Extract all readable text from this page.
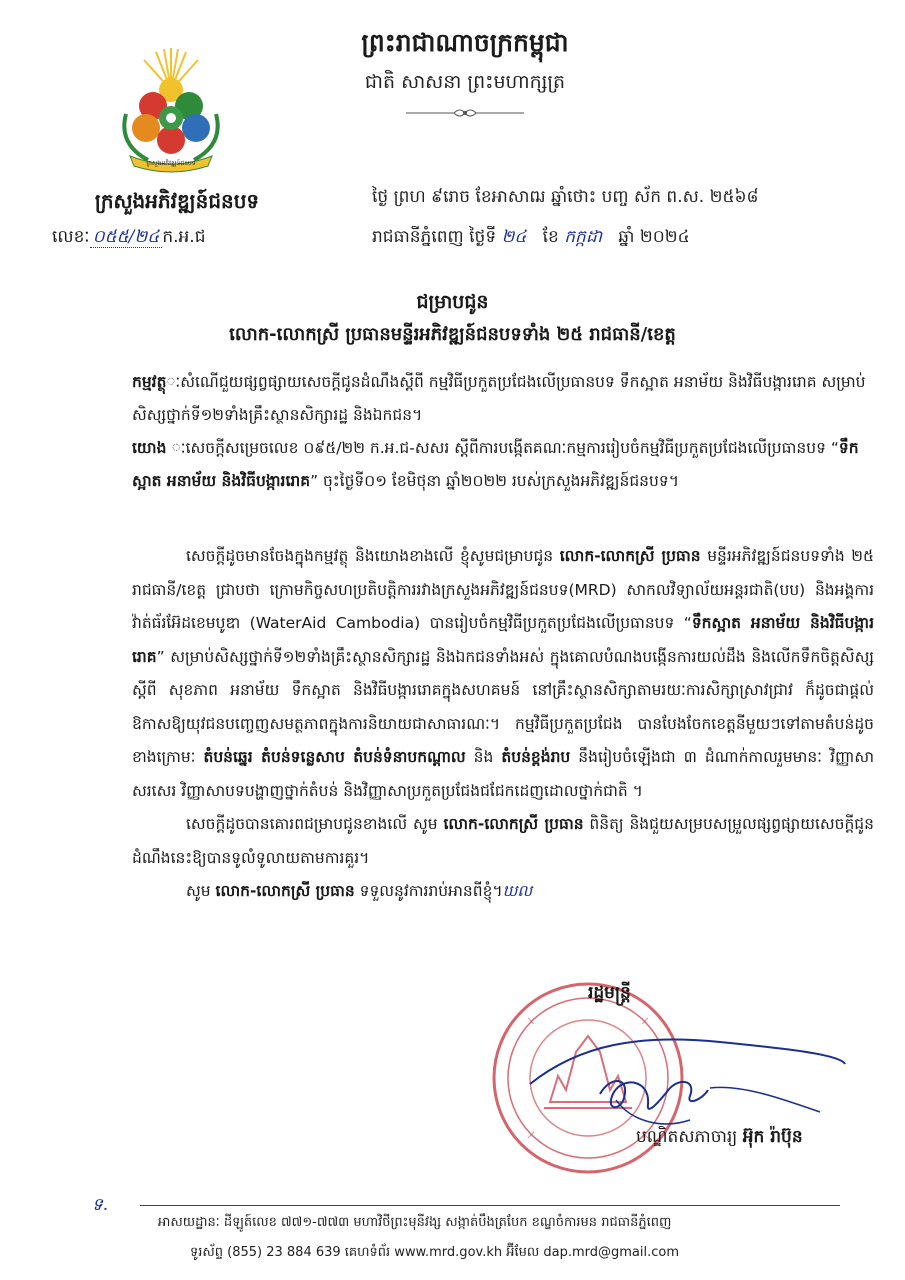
ព្រះរាជាណាចក្រកម្ពុជា
ជាតិ សាសនា ព្រះមហាក្សត្រ
ក្រសួងអភិវឌ្ឍន៍ជនបទ
ក្រសួងអភិវឌ្ឍន៍ជនបទ
លេខៈ ០៥៥/២៤ ក.អ.ជ
ថ្ងៃ ព្រហ ៩រោច ខែអាសាឍ ឆ្នាំថោះ បញ្ច ស័ក ព.ស. ២៥៦៨
រាជធានីភ្នំពេញ ថ្ងៃទី ២៤ ខែ កក្កដា ឆ្នាំ ២០២៤
ជម្រាបជូន
លោក-លោកស្រី ប្រធានមន្ទីរអភិវឌ្ឍន៍ជនបទទាំង ២៥ រាជធានី/ខេត្ត
កម្មវត្ថុៈសំណើជួយផ្សព្វផ្សាយសេចក្ដីជូនដំណឹងស្ដីពី កម្មវិធីប្រកួតប្រជែងលើប្រធានបទ ទឹកស្អាត អនាម័យ និងវិធីបង្ការរោគ សម្រាប់សិស្សថ្នាក់ទី១២ទាំងគ្រឹះស្ថានសិក្សារដ្ឋ និងឯកជន។
យោង ៈសេចក្ដីសម្រេចលេខ ០៩៥/២២ ក.អ.ជ-សសរ ស្ដីពីការបង្កើតគណៈកម្មការរៀបចំកម្មវិធីប្រកួតប្រជែងលើប្រធានបទ “ទឹកស្អាត អនាម័យ និងវិធីបង្ការរោគ” ចុះថ្ងៃទី០១ ខែមិថុនា ឆ្នាំ២០២២ របស់ក្រសួងអភិវឌ្ឍន៍ជនបទ។

សេចក្ដីដូចមានចែងក្នុងកម្មវត្ថុ និងយោងខាងលើ ខ្ញុំសូមជម្រាបជូន លោក-លោកស្រី ប្រធាន មន្ទីរអភិវឌ្ឍន៍ជនបទទាំង ២៥ រាជធានី/ខេត្ត ជ្រាបថា ក្រោមកិច្ចសហប្រតិបត្តិការរវាងក្រសួងអភិវឌ្ឍន៍ជនបទ(MRD) សាកលវិទ្យាល័យអន្តរជាតិ(បប) និងអង្គការវ៉ាត់ធ័រអ៊ែដខេមបូឌា (WaterAid Cambodia) បានរៀបចំកម្មវិធីប្រកួតប្រជែងលើប្រធានបទ “ទឹកស្អាត អនាម័យ និងវិធីបង្ការរោគ” សម្រាប់សិស្សថ្នាក់ទី១២ទាំងគ្រឹះស្ថានសិក្សារដ្ឋ និងឯកជនទាំងអស់ ក្នុងគោលបំណងបង្កើនការយល់ដឹង និងលើកទឹកចិត្តសិស្ស ស្ដីពី សុខភាព អនាម័យ ទឹកស្អាត និងវិធីបង្ការរោគក្នុងសហគមន៍ នៅគ្រឹះស្ថានសិក្សាតាមរយៈការសិក្សាស្រាវជ្រាវ ក៏ដូចជាផ្ដល់ឱកាសឱ្យយុវជនបញ្ចេញសមត្ថភាពក្នុងការនិយាយជាសាធារណៈ។ កម្មវិធីប្រកួតប្រជែង បានបែងចែកខេត្តនីមួយៗទៅតាមតំបន់ដូចខាងក្រោមៈ តំបន់ឆ្នេរ តំបន់ទន្លេសាប តំបន់ទំនាបកណ្ដាល និង តំបន់ខ្ពង់រាប នឹងរៀបចំឡើងជា ៣ ដំណាក់កាលរួមមានៈ វិញ្ញាសាសរសេរ វិញ្ញាសាបទបង្ហាញថ្នាក់តំបន់ និងវិញ្ញាសាប្រកួតប្រជែងជជែកដេញដោលថ្នាក់ជាតិ ។

សេចក្ដីដូចបានគោរពជម្រាបជូនខាងលើ សូម លោក-លោកស្រី ប្រធាន ពិនិត្យ និងជួយសម្របសម្រួលផ្សព្វផ្សាយសេចក្ដីជូនដំណឹងនេះឱ្យបានទូលំទូលាយតាមការគួរ។

សូម លោក-លោកស្រី ប្រធាន ទទួលនូវការរាប់អានពីខ្ញុំ។ឃល

រដ្ឋមន្ត្រី
បណ្ឌិតសភាចារ្យ អ៊ុក រ៉ាប៊ុន
ទ.
អាសយដ្ឋានៈ ដីឡូត៍លេខ ៧៧១-៧៧៣ មហាវិថីព្រះមុនីវង្ស សង្កាត់បឹងត្របែក ខណ្ឌចំការមន រាជធានីភ្នំពេញ
ទូរស័ព្ទ (855) 23 884 639 គេហទំព័រ www.mrd.gov.kh អ៊ីមែល dap.mrd@gmail.com
